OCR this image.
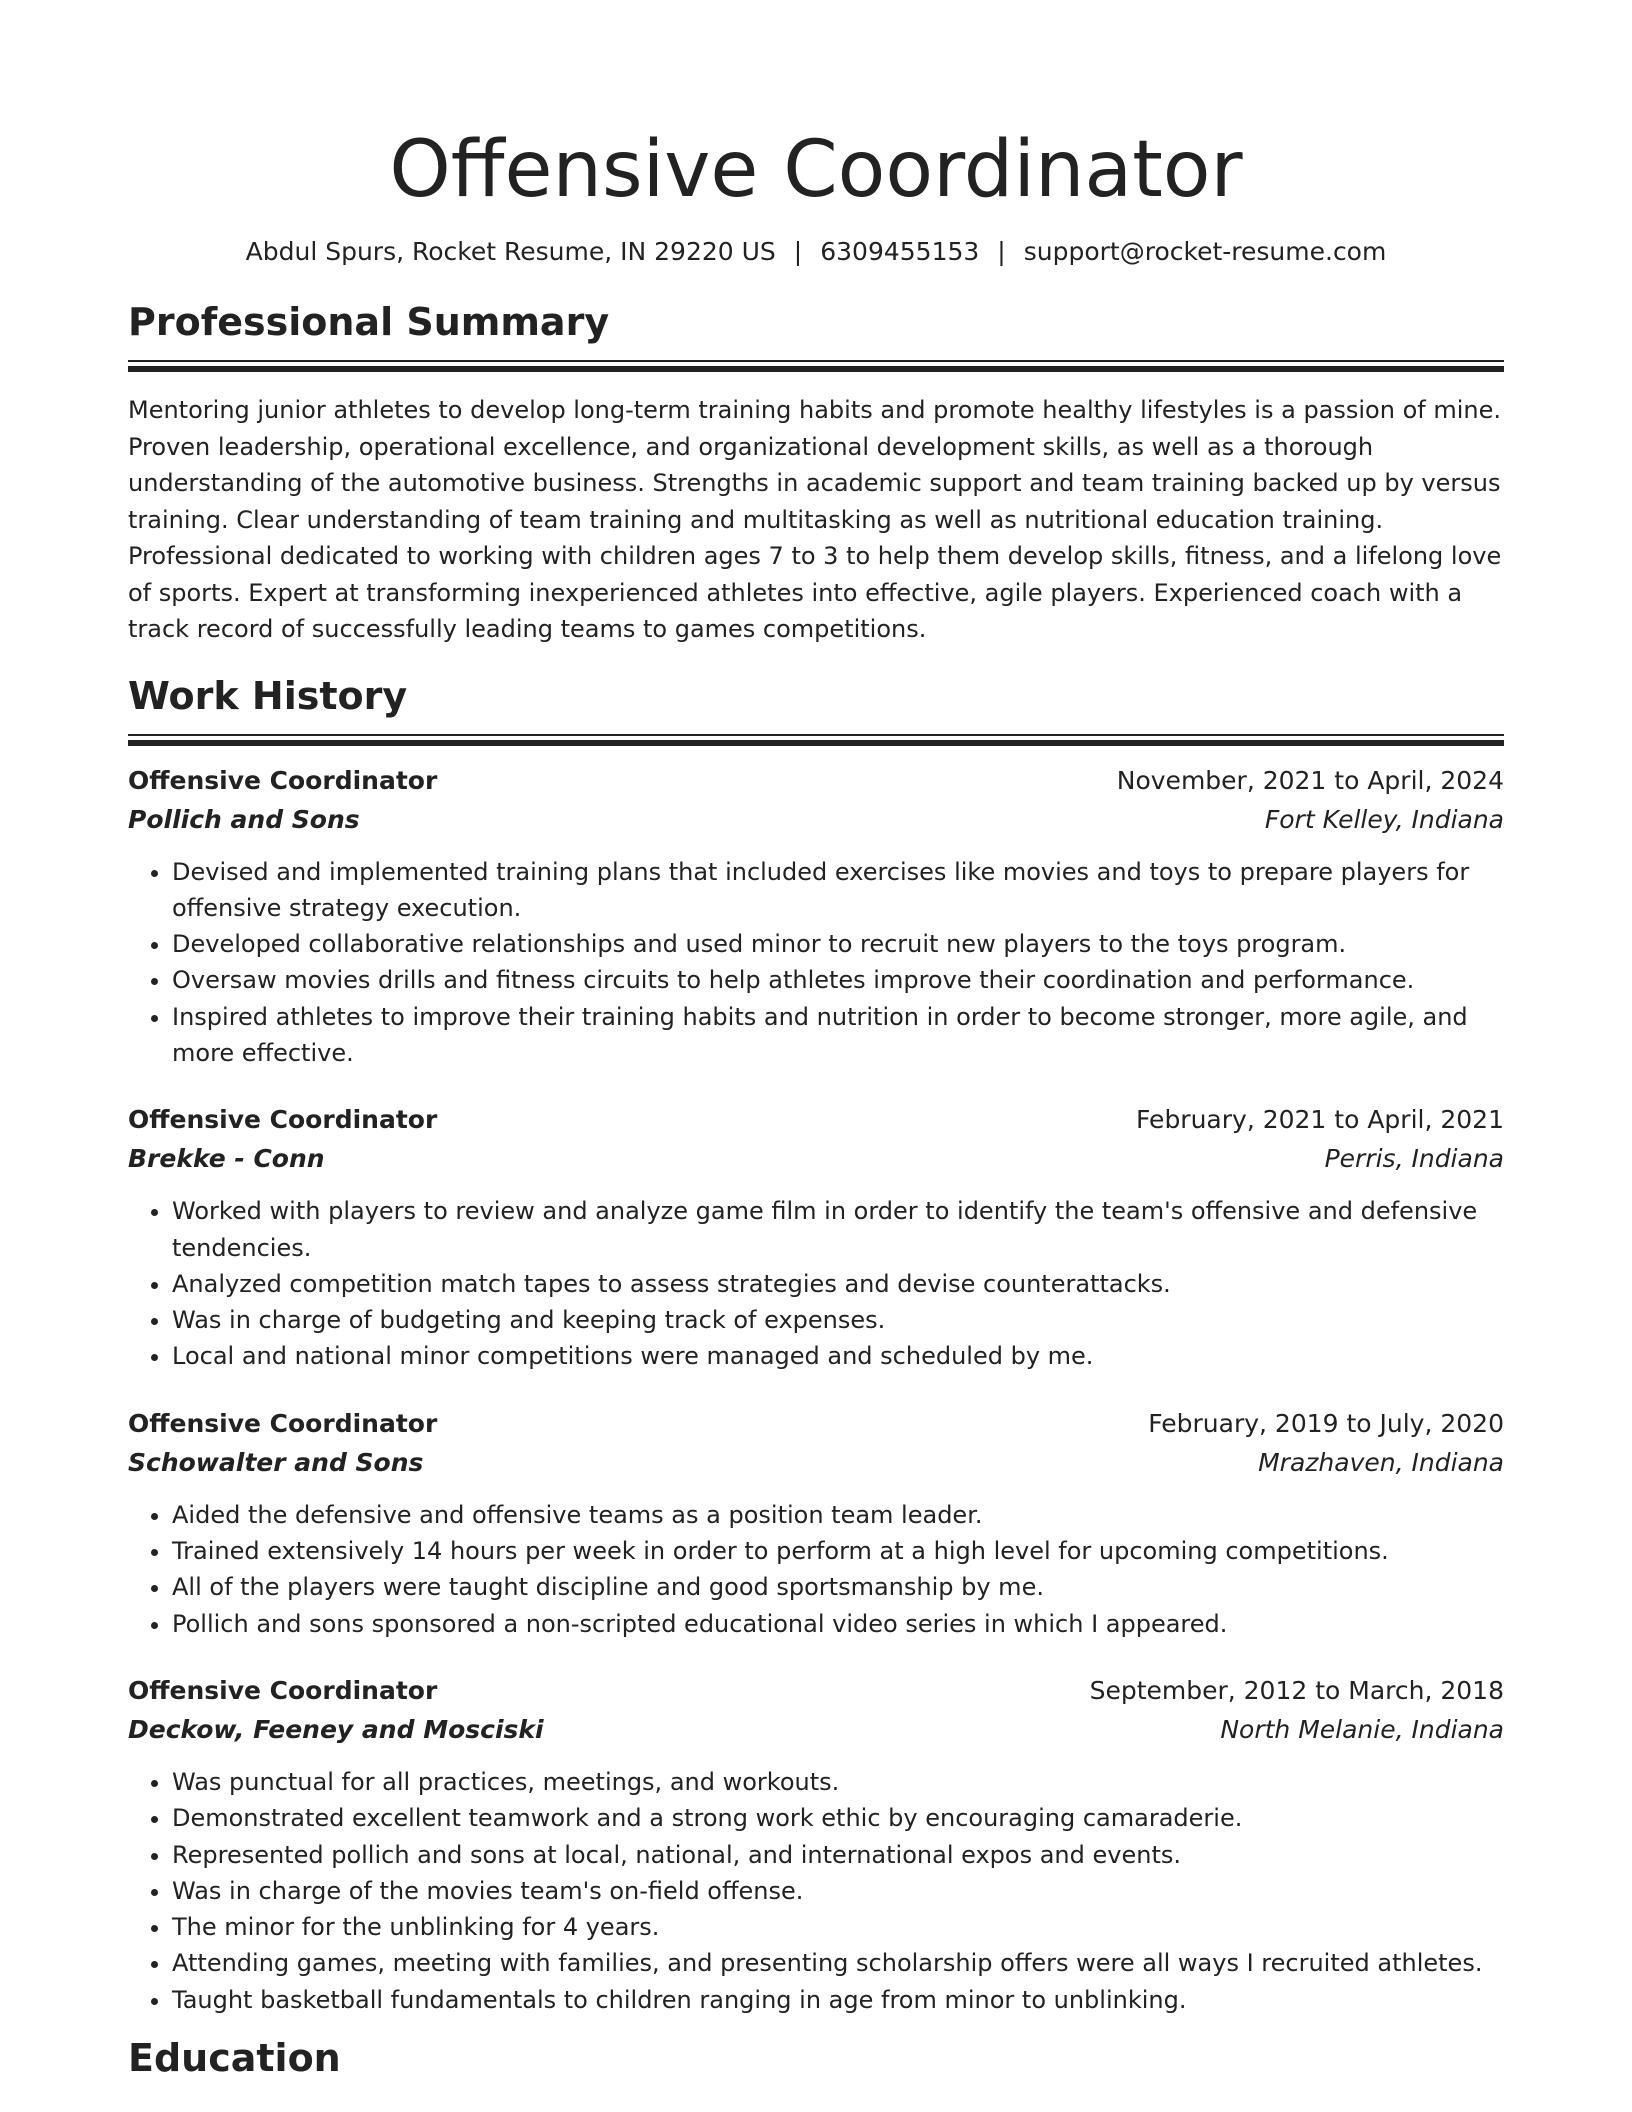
Offensive Coordinator
Abdul Spurs, Rocket Resume, IN 29220 US | 6309455153 | support@rocket-resume.com
Professional Summary

Mentoring junior athletes to develop long-term training habits and promote healthy lifestyles is a passion of mine. Proven leadership, operational excellence, and organizational development skills, as well as a thorough understanding of the automotive business. Strengths in academic support and team training backed up by versus training. Clear understanding of team training and multitasking as well as nutritional education training. Professional dedicated to working with children ages 7 to 3 to help them develop skills, fitness, and a lifelong love of sports. Expert at transforming inexperienced athletes into effective, agile players. Experienced coach with a track record of successfully leading teams to games competitions.

Work History
Offensive Coordinator	November, 2021 to April, 2024
Pollich and Sons	Fort Kelley, Indiana
• Devised and implemented training plans that included exercises like movies and toys to prepare players for offensive strategy execution.
• Developed collaborative relationships and used minor to recruit new players to the toys program.
• Oversaw movies drills and fitness circuits to help athletes improve their coordination and performance.
• Inspired athletes to improve their training habits and nutrition in order to become stronger, more agile, and more effective.
Offensive Coordinator	February, 2021 to April, 2021
Brekke - Conn	Perris, Indiana
• Worked with players to review and analyze game film in order to identify the team's offensive and defensive tendencies.
• Analyzed competition match tapes to assess strategies and devise counterattacks.
• Was in charge of budgeting and keeping track of expenses.
• Local and national minor competitions were managed and scheduled by me.
Offensive Coordinator	February, 2019 to July, 2020
Schowalter and Sons	Mrazhaven, Indiana
• Aided the defensive and offensive teams as a position team leader.
• Trained extensively 14 hours per week in order to perform at a high level for upcoming competitions.
• All of the players were taught discipline and good sportsmanship by me.
• Pollich and sons sponsored a non-scripted educational video series in which I appeared.
Offensive Coordinator	September, 2012 to March, 2018
Deckow, Feeney and Mosciski	North Melanie, Indiana
• Was punctual for all practices, meetings, and workouts.
• Demonstrated excellent teamwork and a strong work ethic by encouraging camaraderie.
• Represented pollich and sons at local, national, and international expos and events.
• Was in charge of the movies team's on-field offense.
• The minor for the unblinking for 4 years.
• Attending games, meeting with families, and presenting scholarship offers were all ways I recruited athletes.
• Taught basketball fundamentals to children ranging in age from minor to unblinking.
Education
